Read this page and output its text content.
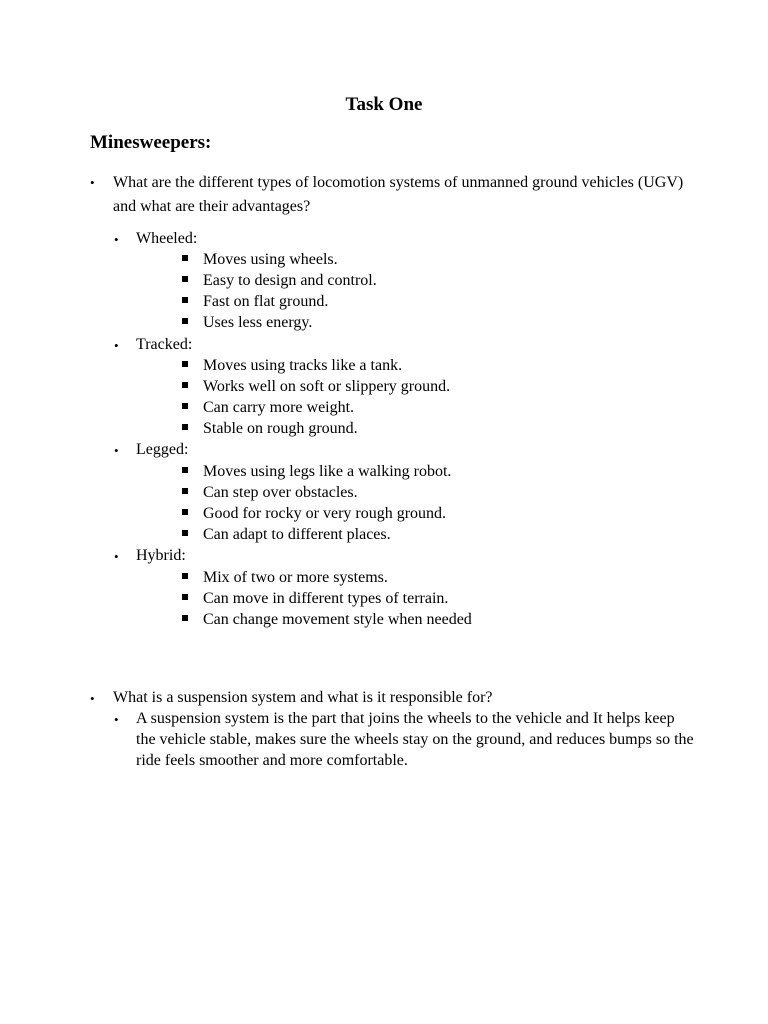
Task One
Minesweepers:
• What are the different types of locomotion systems of unmanned ground vehicles (UGV) and what are their advantages?
• Wheeled:
Moves using wheels.
Easy to design and control.
Fast on flat ground.
Uses less energy.
• Tracked:
Moves using tracks like a tank.
Works well on soft or slippery ground.
Can carry more weight.
Stable on rough ground.
• Legged:
Moves using legs like a walking robot.
Can step over obstacles.
Good for rocky or very rough ground.
Can adapt to different places.
• Hybrid:
Mix of two or more systems.
Can move in different types of terrain.
Can change movement style when needed
• What is a suspension system and what is it responsible for?
• A suspension system is the part that joins the wheels to the vehicle and It helps keep the vehicle stable, makes sure the wheels stay on the ground, and reduces bumps so the ride feels smoother and more comfortable.
